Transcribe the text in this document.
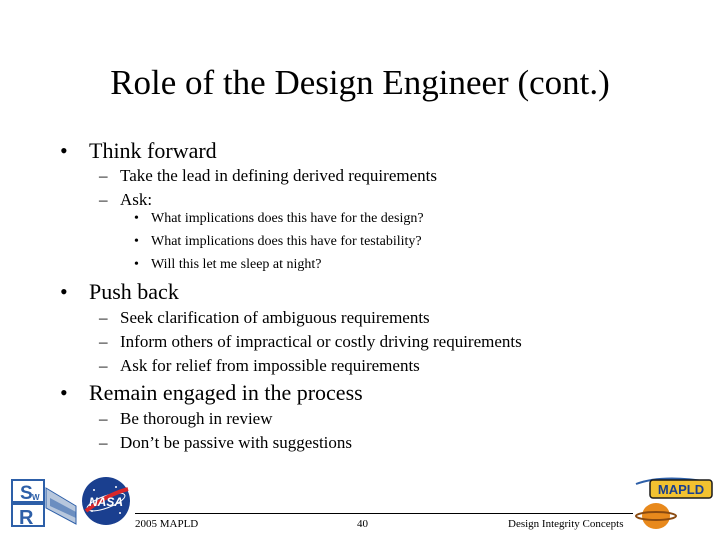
Role of the Design Engineer (cont.)
• Think forward
– Take the lead in defining derived requirements
– Ask:
• What implications does this have for the design?
• What implications does this have for testability?
• Will this let me sleep at night?
• Push back
– Seek clarification of ambiguous requirements
– Inform others of impractical or costly driving requirements
– Ask for relief from impossible requirements
• Remain engaged in the process
– Be thorough in review
– Don’t be passive with suggestions
S W
R
NASA
MAPLD
2005 MAPLD	40	Design Integrity Concepts
